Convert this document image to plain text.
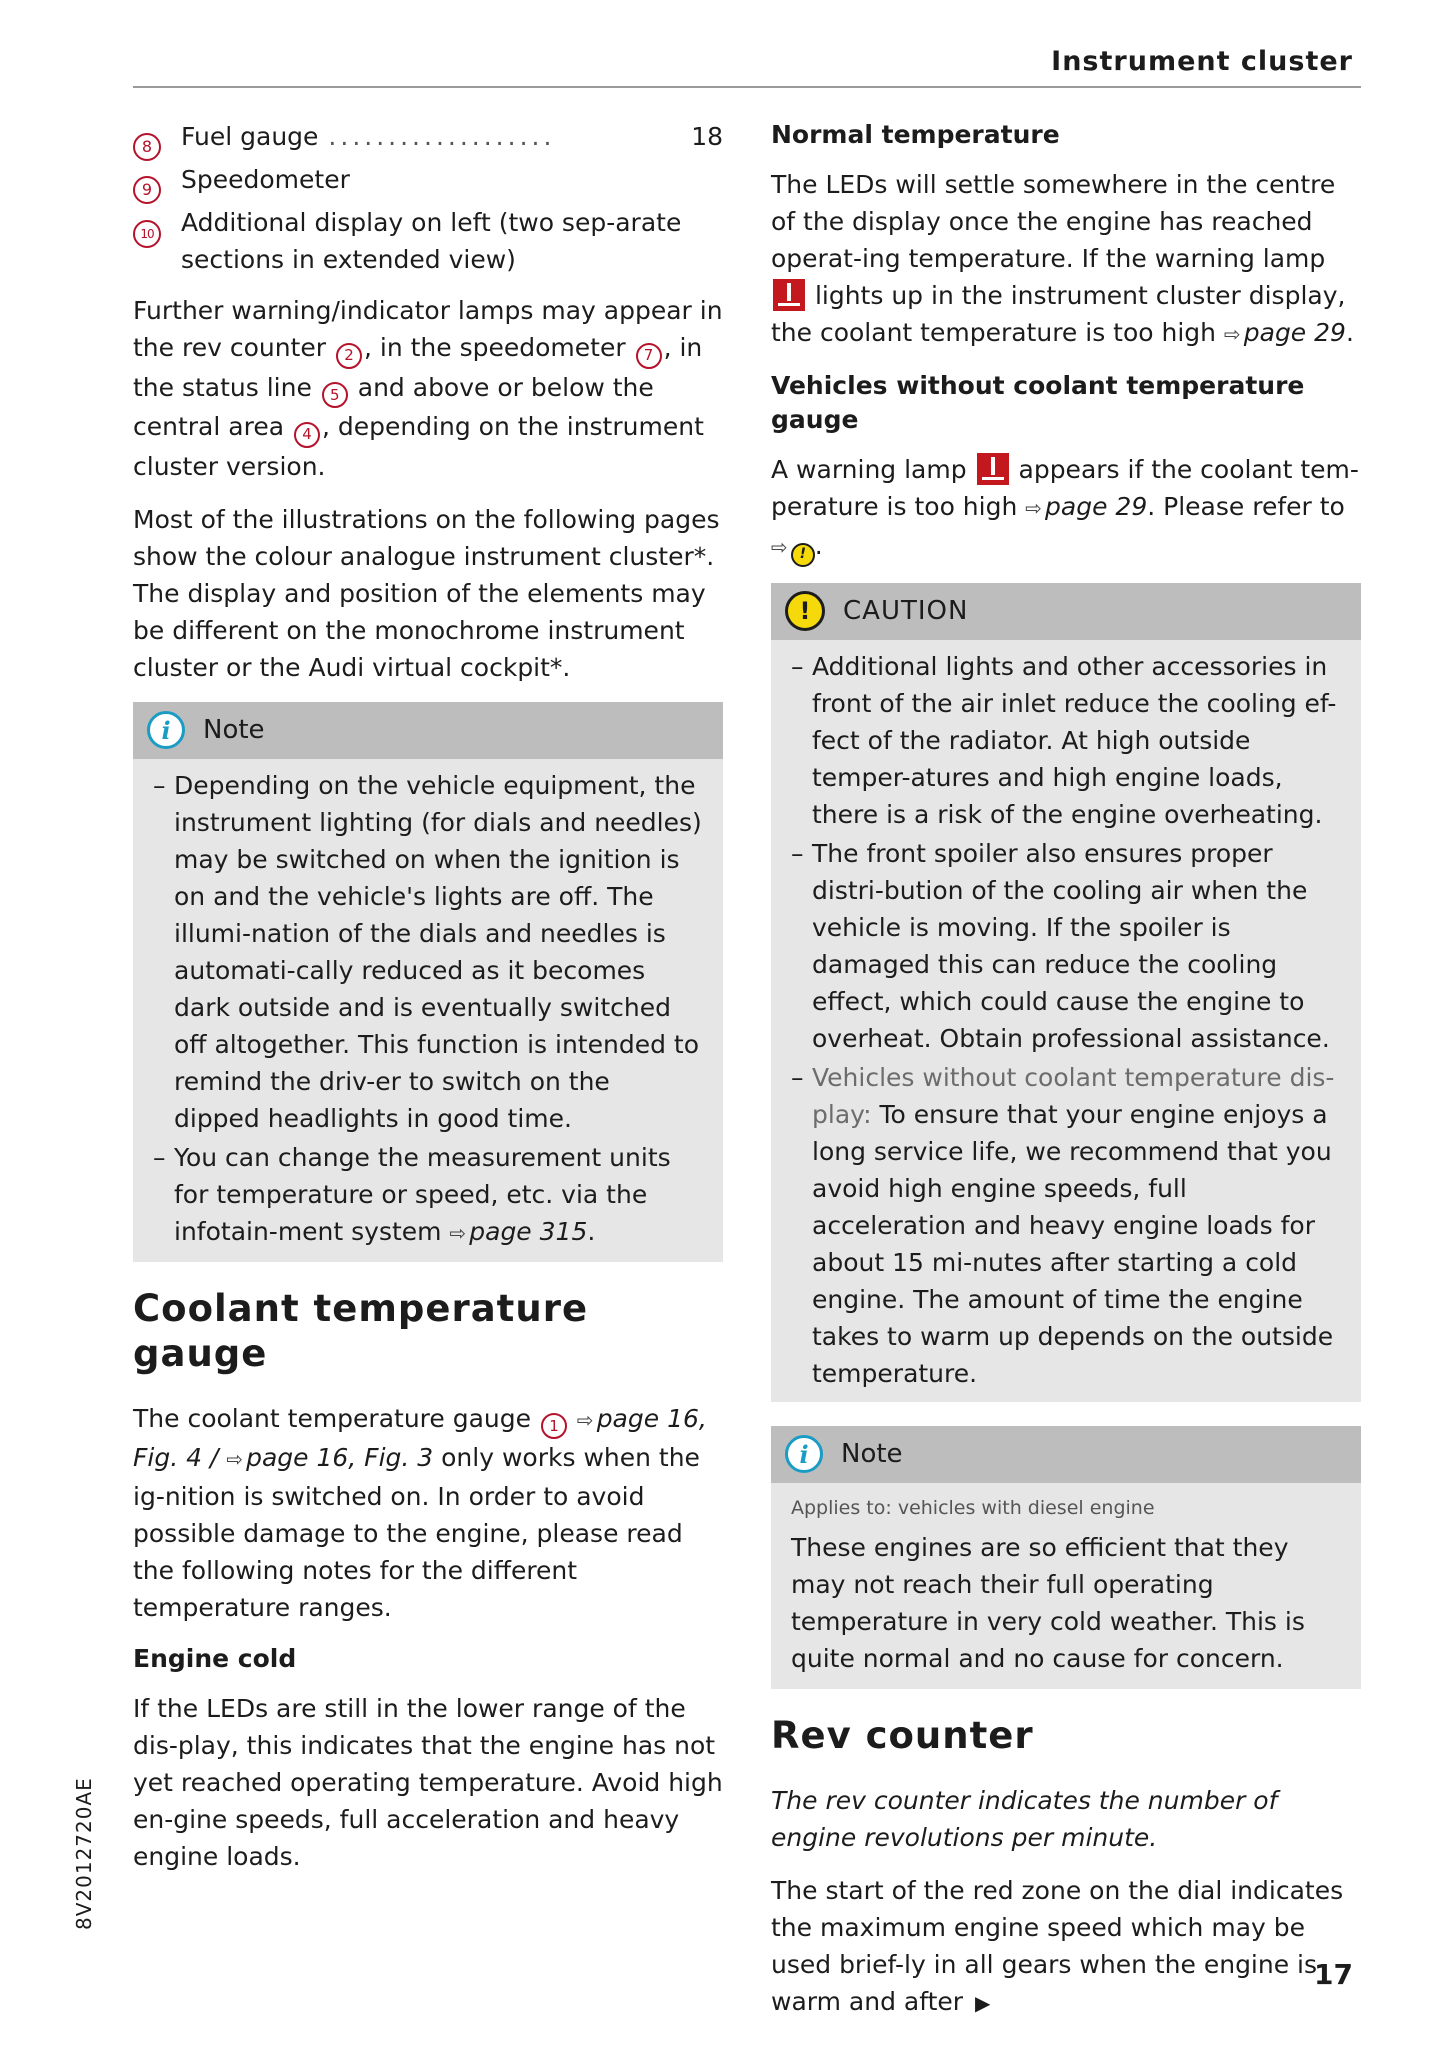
Instrument cluster
8	Fuel gauge ...................	18
9	Speedometer
10	Additional display on left (two sep-arate sections in extended view)

Further warning/indicator lamps may appear in the rev counter 2 , in the speedometer 7 , in the status line 5 and above or below the central area 4 , depending on the instrument cluster version.

Most of the illustrations on the following pages show the colour analogue instrument cluster*. The display and position of the elements may be different on the monochrome instrument cluster or the Audi virtual cockpit*.

i	Note
– Depending on the vehicle equipment, the instrument lighting (for dials and needles) may be switched on when the ignition is on and the vehicle's lights are off. The illumi-nation of the dials and needles is automati-cally reduced as it becomes dark outside and is eventually switched off altogether. This function is intended to remind the driv-er to switch on the dipped headlights in good time.
– You can change the measurement units for temperature or speed, etc. via the infotain-ment system ⇨ page 315.
Coolant temperature gauge

The coolant temperature gauge 1 ⇨ page 16, Fig. 4 / ⇨ page 16, Fig. 3 only works when the ig-nition is switched on. In order to avoid possible damage to the engine, please read the following notes for the different temperature ranges.

Engine cold

If the LEDs are still in the lower range of the dis-play, this indicates that the engine has not yet reached operating temperature. Avoid high en-gine speeds, full acceleration and heavy engine loads.

Normal temperature

The LEDs will settle somewhere in the centre of the display once the engine has reached operat-ing temperature. If the warning lamp  lights up in the instrument cluster display, the coolant temperature is too high ⇨ page 29.

Vehicles without coolant temperature gauge

A warning lamp appears if the coolant tem-perature is too high ⇨ page 29. Please refer to ⇨ ! .

!	CAUTION
– Additional lights and other accessories in front of the air inlet reduce the cooling ef-fect of the radiator. At high outside temper-atures and high engine loads, there is a risk of the engine overheating.
– The front spoiler also ensures proper distri-bution of the cooling air when the vehicle is moving. If the spoiler is damaged this can reduce the cooling effect, which could cause the engine to overheat. Obtain professional assistance.
– Vehicles without coolant temperature dis-play: To ensure that your engine enjoys a long service life, we recommend that you avoid high engine speeds, full acceleration and heavy engine loads for about 15 mi-nutes after starting a cold engine. The amount of time the engine takes to warm up depends on the outside temperature.
i	Note
Applies to: vehicles with diesel engine

These engines are so efficient that they may not reach their full operating temperature in very cold weather. This is quite normal and no cause for concern.

Rev counter

The rev counter indicates the number of engine revolutions per minute.

The start of the red zone on the dial indicates the maximum engine speed which may be used brief-ly in all gears when the engine is warm and after ▶

8V2012720AE
17
